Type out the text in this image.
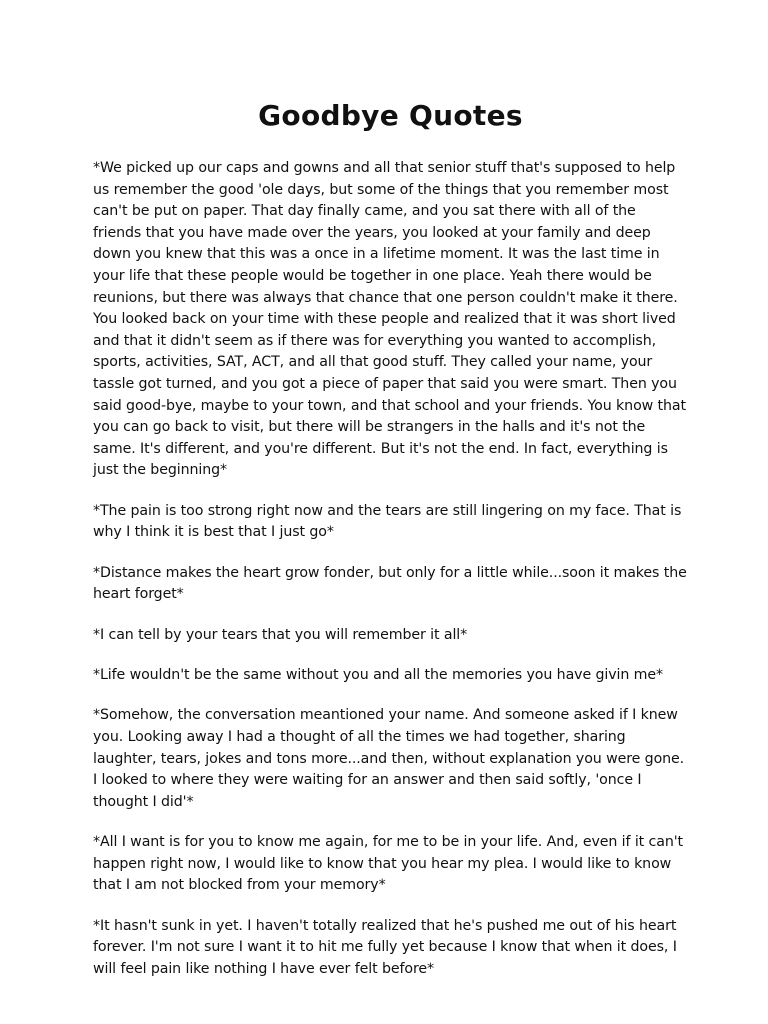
Goodbye Quotes

*We picked up our caps and gowns and all that senior stuff that's supposed to help us remember the good 'ole days, but some of the things that you remember most can't be put on paper. That day finally came, and you sat there with all of the friends that you have made over the years, you looked at your family and deep down you knew that this was a once in a lifetime moment. It was the last time in your life that these people would be together in one place. Yeah there would be reunions, but there was always that chance that one person couldn't make it there. You looked back on your time with these people and realized that it was short lived and that it didn't seem as if there was for everything you wanted to accomplish, sports, activities, SAT, ACT, and all that good stuff. They called your name, your tassle got turned, and you got a piece of paper that said you were smart. Then you said good-bye, maybe to your town, and that school and your friends. You know that you can go back to visit, but there will be strangers in the halls and it's not the same. It's different, and you're different. But it's not the end. In fact, everything is just the beginning*

*The pain is too strong right now and the tears are still lingering on my face. That is why I think it is best that I just go*

*Distance makes the heart grow fonder, but only for a little while...soon it makes the heart forget*

*I can tell by your tears that you will remember it all*

*Life wouldn't be the same without you and all the memories you have givin me*

*Somehow, the conversation meantioned your name. And someone asked if I knew you. Looking away I had a thought of all the times we had together, sharing laughter, tears, jokes and tons more...and then, without explanation you were gone. I looked to where they were waiting for an answer and then said softly, 'once I thought I did'*

*All I want is for you to know me again, for me to be in your life. And, even if it can't happen right now, I would like to know that you hear my plea. I would like to know that I am not blocked from your memory*

*It hasn't sunk in yet. I haven't totally realized that he's pushed me out of his heart forever. I'm not sure I want it to hit me fully yet because I know that when it does, I will feel pain like nothing I have ever felt before*
